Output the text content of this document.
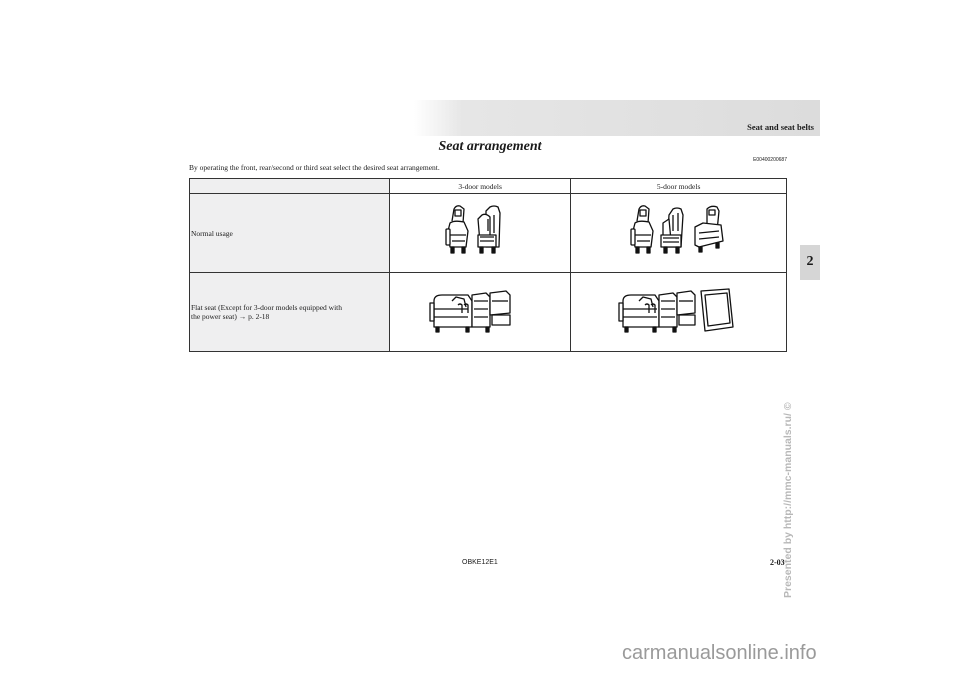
Seat and seat belts
2
Seat arrangement
E00400200687
By operating the front, rear/second or third seat select the desired seat arrangement.
	3-door models	5-door models
Normal usage		

Flat seat (Except for 3-door models equipped with
the power seat) → p. 2-18

Presented by http://mmc-manuals.ru/ ©
OBKE12E1	2-03
carmanualsonline.info
